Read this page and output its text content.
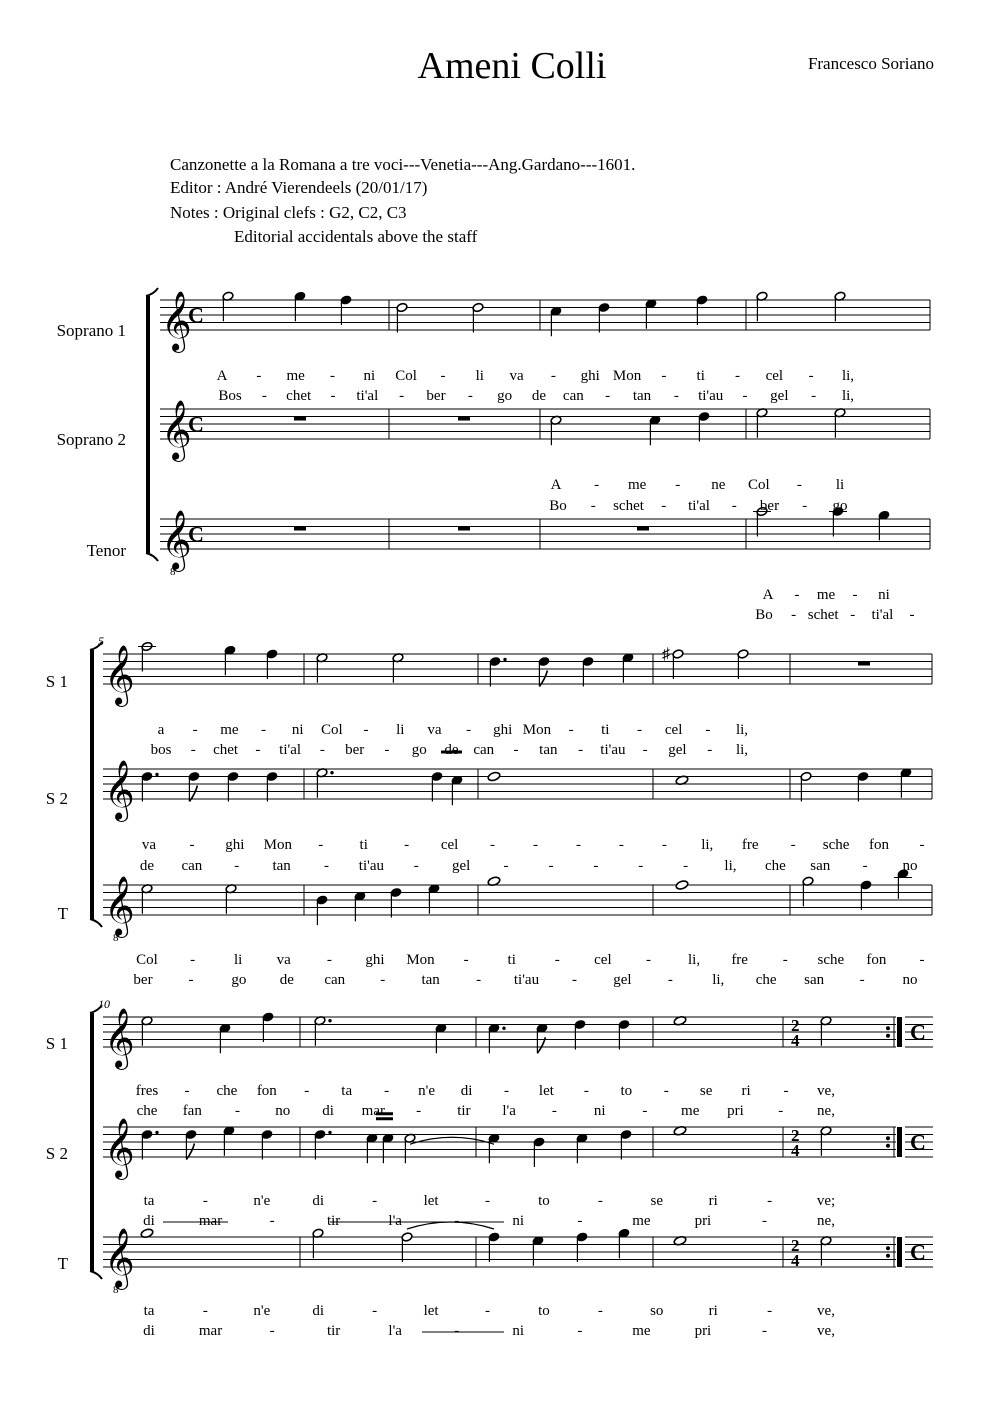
Ameni Colli	Francesco Soriano
Canzonette a la Romana a tre voci---Venetia---Ang.Gardano---1601.
Editor : André Vierendeels (20/01/17)
Notes : Original clefs : G2, C2, C3
Editorial accidentals above the staff
Soprano 1
Soprano 2
Tenor
S 1
S 2
T
S 1
S 2
T
5
10
𝄞
C
𝄞
C
𝄞
8
C
A - me - ni Col - li va - ghi Mon - ti - cel - li,
Bos - chet - ti'al - ber - go de can - tan - ti'au - gel - li,
A - me - ne Col - li
Bo - schet - ti'al - ber - go
A - me - ni
Bo - schet - ti'al -
𝄞
𝄞
𝄞
8
♯
a - me - ni Col - li va - ghi Mon - ti - cel - li,
bos - chet - ti'al - ber - go de can - tan - ti'au - gel - li,
va - ghi Mon - ti - cel -	-	-	-	- li, fre - sche fon -
de can - tan - ti'au - gel -	-	-	-	- li, che san - no
Col -	li va - ghi Mon -	ti	- cel - li, fre - sche fon -
ber -	go de can - tan - ti'au - gel -	li, che san -	no
𝄞	2
4	C
𝄞	2
4	C
𝄞
8
2
4	C
fres - che fon - ta - n'e di - let - to - se ri - ve,
che fan - no di mar - tir l'a - ni - me pri - ne,
ta	-	n'e	di	-	let	-	to	-	se	ri	-	ve;
di	mar	-	tir	l'a	-	ni	-	me	pri	-	ne,
ta	-	n'e	di	-	let	-	to	-	so	ri	-	ve,
di	mar	-	tir	l'a	-	ni	-	me	pri	-	ve,
